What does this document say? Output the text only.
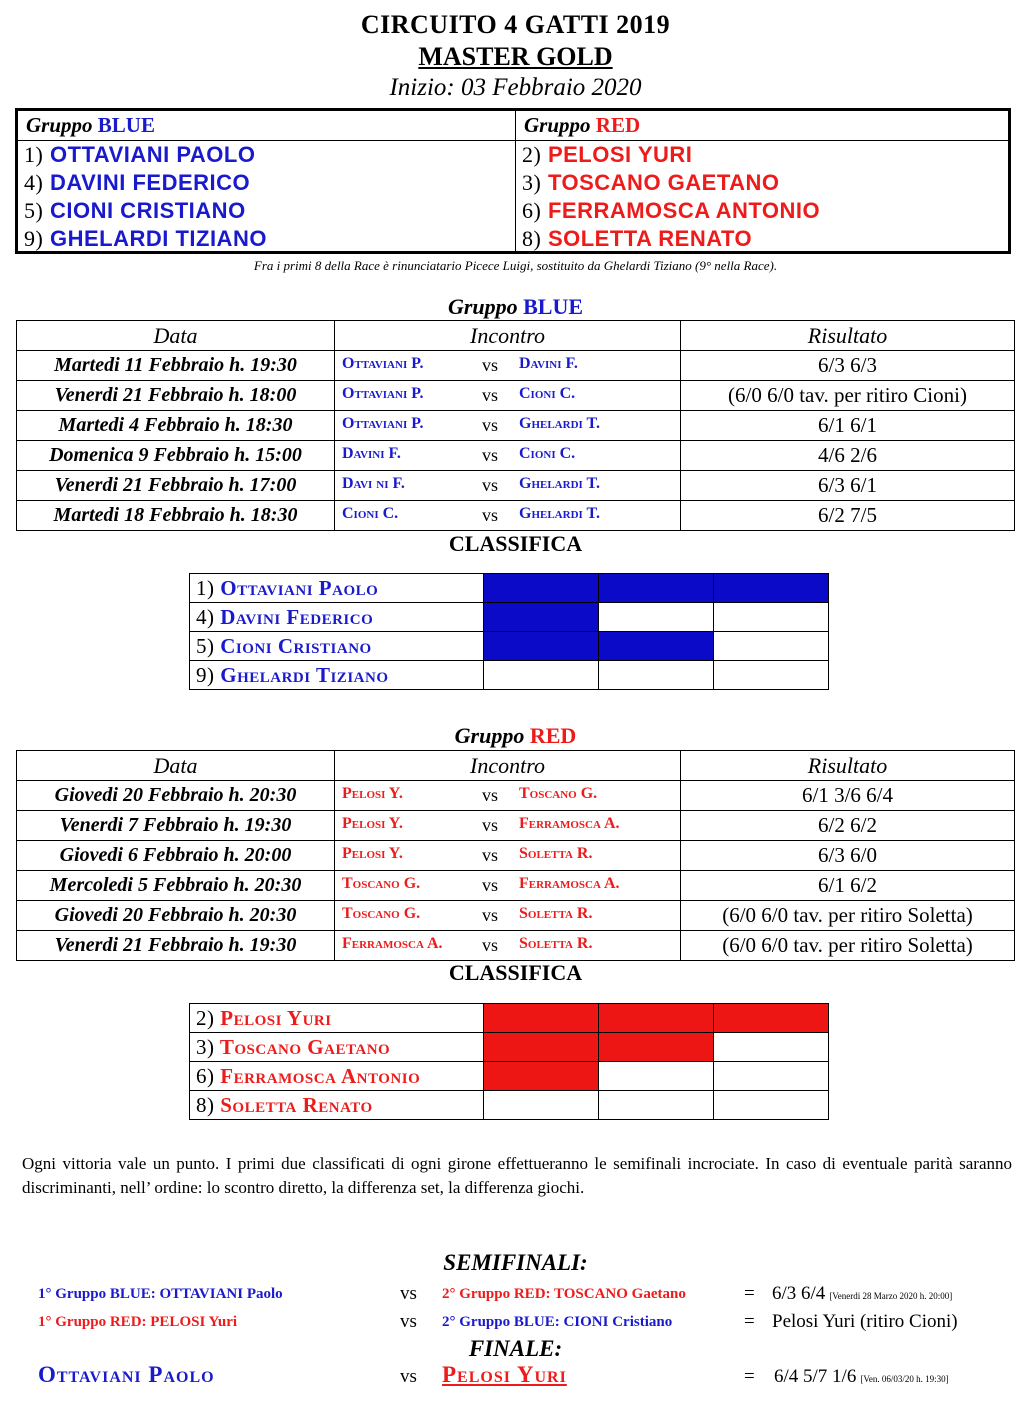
CIRCUITO 4 GATTI 2019
MASTER GOLD
Inizio: 03 Febbraio 2020
Gruppo BLUE
1) OTTAVIANI PAOLO
4) DAVINI FEDERICO
5) CIONI CRISTIANO
9) GHELARDI TIZIANO
Gruppo RED
2) PELOSI YURI
3) TOSCANO GAETANO
6) FERRAMOSCA ANTONIO
8) SOLETTA RENATO
Fra i primi 8 della Race è rinunciatario Picece Luigi, sostituito da Ghelardi Tiziano (9° nella Race).
Gruppo BLUE
Data	Incontro	Risultato
Martedi 11 Febbraio h. 19:30	Ottaviani P. vs Davini F.	6/3 6/3
Venerdi 21 Febbraio h. 18:00	Ottaviani P. vs Cioni C.	(6/0 6/0 tav. per ritiro Cioni)
Martedi 4 Febbraio h. 18:30	Ottaviani P. vs Ghelardi T.	6/1 6/1
Domenica 9 Febbraio h. 15:00	Davini F. vs Cioni C.	4/6 2/6
Venerdi 21 Febbraio h. 17:00	Davi ni F. vs Ghelardi T.	6/3 6/1
Martedi 18 Febbraio h. 18:30	Cioni C. vs Ghelardi T.	6/2 7/5
CLASSIFICA
1) Ottaviani Paolo			
4) Davini Federico			
5) Cioni Cristiano			
9) Ghelardi Tiziano			
Gruppo RED
Data	Incontro	Risultato
Giovedi 20 Febbraio h. 20:30	Pelosi Y. vs Toscano G.	6/1 3/6 6/4
Venerdi 7 Febbraio h. 19:30	Pelosi Y. vs Ferramosca A.	6/2 6/2
Giovedi 6 Febbraio h. 20:00	Pelosi Y. vs Soletta R.	6/3 6/0
Mercoledi 5 Febbraio h. 20:30	Toscano G. vs Ferramosca A.	6/1 6/2
Giovedi 20 Febbraio h. 20:30	Toscano G. vs Soletta R.	(6/0 6/0 tav. per ritiro Soletta)
Venerdi 21 Febbraio h. 19:30	Ferramosca A. vs Soletta R.	(6/0 6/0 tav. per ritiro Soletta)
CLASSIFICA
2) Pelosi Yuri			
3) Toscano Gaetano			
6) Ferramosca Antonio			
8) Soletta Renato			
Ogni vittoria vale un punto. I primi due classificati di ogni girone effettueranno le semifinali incrociate. In caso di eventuale parità saranno discriminanti, nell’ ordine: lo scontro diretto, la differenza set, la differenza giochi.
SEMIFINALI:
1° Gruppo BLUE: OTTAVIANI Paolo	vs 2° Gruppo RED: TOSCANO Gaetano	= 6/3 6/4 [Venerdi 28 Marzo 2020 h. 20:00]
1° Gruppo RED: PELOSI Yuri	vs 2° Gruppo BLUE: CIONI Cristiano	= Pelosi Yuri (ritiro Cioni)
FINALE:
Ottaviani Paolo	vs Pelosi Yuri	= 6/4 5/7 1/6 [Ven. 06/03/20 h. 19:30]
